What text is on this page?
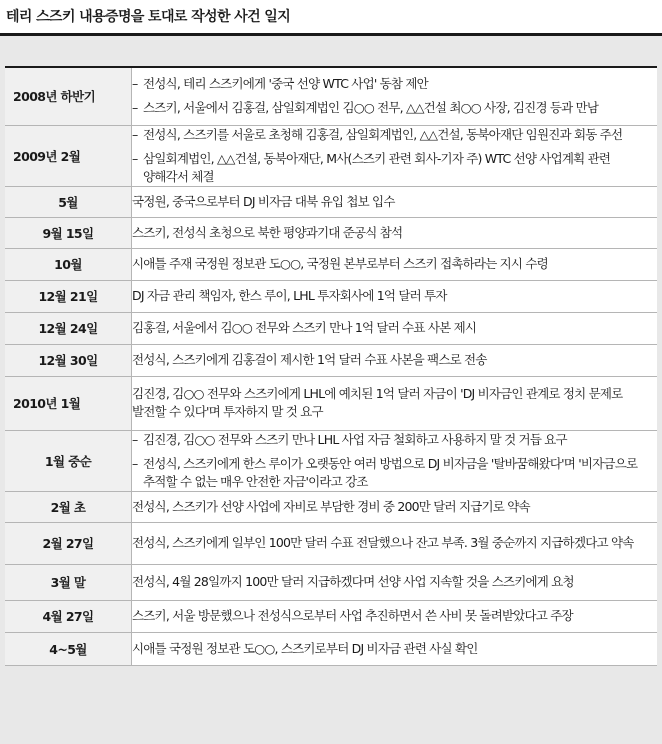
테리 스즈키 내용증명을 토대로 작성한 사건 일지
2008년 하반기	– 전성식, 테리 스즈키에게 '중국 선양 WTC 사업' 동참 제안
– 스즈키, 서울에서 김홍걸, 삼일회계법인 김○○ 전무, △△건설 최○○ 사장, 김진경 등과 만남

2009년 2월	– 전성식, 스즈키를 서울로 초청해 김홍걸, 삼일회계법인, △△건설, 동북아재단 임원진과 회동 주선
– 삼일회계법인, △△건설, 동북아재단, M사(스즈키 관련 회사-기자 주) WTC 선양 사업계획 관련 양해각서 체결

5월	국정원, 중국으로부터 DJ 비자금 대북 유입 첩보 입수

9월 15일	스즈키, 전성식 초청으로 북한 평양과기대 준공식 참석

10월	시애틀 주재 국정원 정보관 도○○, 국정원 본부로부터 스즈키 접촉하라는 지시 수령

12월 21일	DJ 자금 관리 책임자, 한스 루이, LHL 투자회사에 1억 달러 투자

12월 24일	김홍걸, 서울에서 김○○ 전무와 스즈키 만나 1억 달러 수표 사본 제시

12월 30일	전성식, 스즈키에게 김홍걸이 제시한 1억 달러 수표 사본을 팩스로 전송

2010년 1월	김진경, 김○○ 전무와 스즈키에게 LHL에 예치된 1억 달러 자금이 'DJ 비자금인 관계로 정치 문제로 발전할 수 있다'며 투자하지 말 것 요구

1월 중순	– 김진경, 김○○ 전무와 스즈키 만나 LHL 사업 자금 철회하고 사용하지 말 것 거듭 요구
– 전성식, 스즈키에게 한스 루이가 오랫동안 여러 방법으로 DJ 비자금을 '탈바꿈해왔다'며 '비자금으로 추적할 수 없는 매우 안전한 자금'이라고 강조

2월 초	전성식, 스즈키가 선양 사업에 자비로 부담한 경비 중 200만 달러 지급기로 약속

2월 27일	전성식, 스즈키에게 일부인 100만 달러 수표 전달했으나 잔고 부족. 3월 중순까지 지급하겠다고 약속

3월 말	전성식, 4월 28일까지 100만 달러 지급하겠다며 선양 사업 지속할 것을 스즈키에게 요청

4월 27일	스즈키, 서울 방문했으나 전성식으로부터 사업 추진하면서 쓴 사비 못 돌려받았다고 주장

4~5월	시애틀 국정원 정보관 도○○, 스즈키로부터 DJ 비자금 관련 사실 확인
